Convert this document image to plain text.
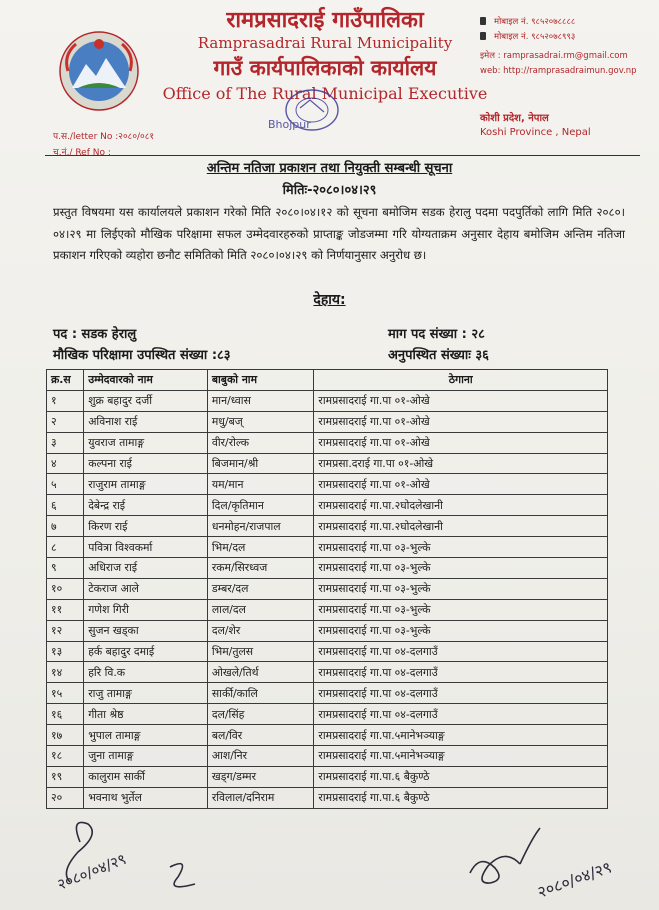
रामप्रसादराई गाउँपालिका
Ramprasadrai Rural Municipality
गाउँ कार्यपालिकाको कार्यालय
Office of The Rural Municipal Executive
मोबाइल नं. ९८५२०७८८८८
मोबाइल नं. ९८५२०७८९९३
इमेल : ramprasadrai.rm@gmail.com
web: http://ramprasadraimun.gov.np
कोशी प्रदेश, नेपाल
Koshi Province , Nepal
प.स./letter No :२०८०/०८१
च.नं./ Ref No :
Bhojpur
अन्तिम नतिजा प्रकाशन तथा नियुक्ती सम्बन्धी सूचना
मितिः-२०८०।०४।२९
प्रस्तुत विषयमा यस कार्यालयले प्रकाशन गरेको मिति २०८०।०४।१२ को सूचना बमोजिम सडक हेरालु पदमा पदपुर्तिको लागि मिति २०८०।०४।२९ मा लिईएको मौखिक परिक्षामा सफल उम्मेदवारहरुको प्राप्ताङ्क जोडजम्मा गरि योग्यताक्रम अनुसार देहाय बमोजिम अन्तिम नतिजा प्रकाशन गरिएको व्यहोरा छनौट समितिको मिति २०८०।०४।२९ को निर्णयानुसार अनुरोध छ।
देहाय:
पद : सडक हेरालु	माग पद संख्या : २८
मौखिक परिक्षामा उपस्थित संख्या :८३	अनुपस्थित संख्याः ३६
क्र.स	उम्मेदवारको नाम	बाबुको नाम	ठेगाना
१	शुक्र बहादुर दर्जी	मान/ध्वास	रामप्रसादराई गा.पा ०१-ओखे
२	अविनाश राई	मधु/बज्	रामप्रसादराई गा.पा ०१-ओखे
३	युवराज तामाङ्ग	वीर/रोल्क	रामप्रसादराई गा.पा ०१-ओखे
४	कल्पना राई	बिजमान/श्री	रामप्रसा.दराई गा.पा ०१-ओखे
५	राजुराम तामाङ्ग	यम/मान	रामप्रसादराई गा.पा ०१-ओखे
६	देबेन्द्र राई	दिल/कृतिमान	रामप्रसादराई गा.पा.२घोदलेखानी
७	किरण राई	धनमोहन/राजपाल	रामप्रसादराई गा.पा.२घोदलेखानी
८	पवित्रा विश्वकर्मा	भिम/दल	रामप्रसादराई गा.पा ०३-भुल्के
९	अधिराज राई	रकम/सिरध्वज	रामप्रसादराई गा.पा ०३-भुल्के
१०	टेकराज आले	डम्बर/दल	रामप्रसादराई गा.पा ०३-भुल्के
११	गणेश गिरी	लाल/दल	रामप्रसादराई गा.पा ०३-भुल्के
१२	सुजन खड्का	दल/शेर	रामप्रसादराई गा.पा ०३-भुल्के
१३	हर्क बहादुर दमाई	भिम/तुलस	रामप्रसादराई गा.पा ०४-दलगाउँ
१४	हरि वि.क	ओखले/तिर्थ	रामप्रसादराई गा.पा ०४-दलगाउँ
१५	राजु तामाङ्ग	सार्की/कालि	रामप्रसादराई गा.पा ०४-दलगाउँ
१६	गीता श्रेष्ठ	दल/सिंह	रामप्रसादराई गा.पा ०४-दलगाउँ
१७	भुपाल तामाङ्ग	बल/विर	रामप्रसादराई गा.पा.५मानेभञ्याङ्ग
१८	जुना तामाङ्ग	आश/निर	रामप्रसादराई गा.पा.५मानेभञ्याङ्ग
१९	कालुराम सार्की	खड्ग/डम्मर	रामप्रसादराई गा.पा.६ बैकुण्ठे
२०	भवनाथ भुर्तेल	रविलाल/दनिराम	रामप्रसादराई गा.पा.६ बैकुण्ठे
२०८०/०४/२९	२०८०/०४/२९
